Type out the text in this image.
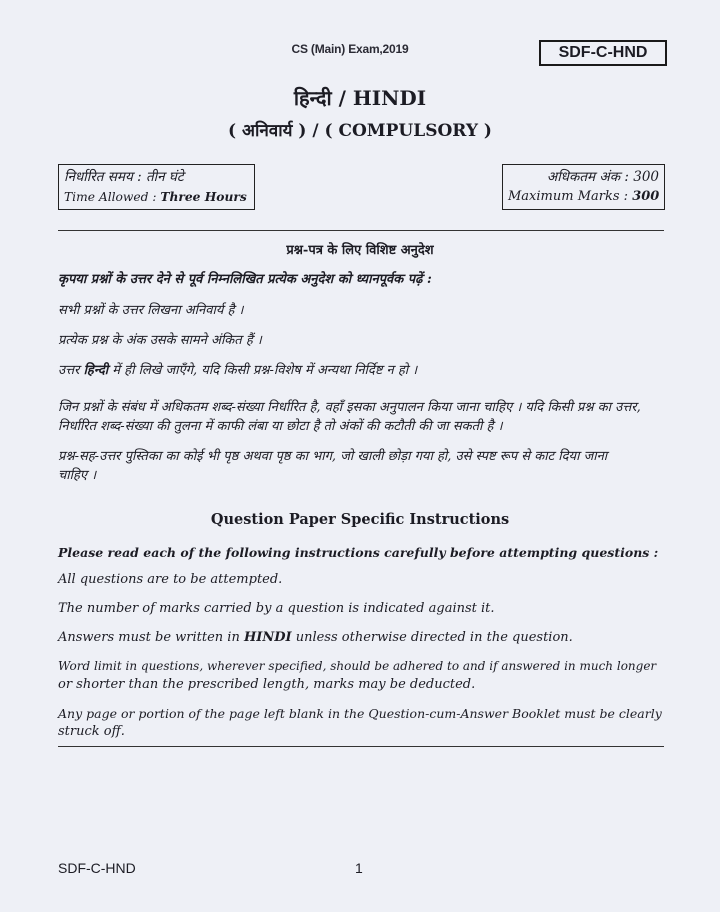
CS (Main) Exam,2019	SDF-C-HND
हिन्दी / HINDI
( अनिवार्य ) / ( COMPULSORY )
निर्धारित समय : तीन घंटे
Time Allowed : Three Hours
अधिकतम अंक : 300
Maximum Marks : 300
प्रश्न-पत्र के लिए विशिष्ट अनुदेश
कृपया प्रश्नों के उत्तर देने से पूर्व निम्नलिखित प्रत्येक अनुदेश को ध्यानपूर्वक पढ़ें :
सभी प्रश्नों के उत्तर लिखना अनिवार्य है ।
प्रत्येक प्रश्न के अंक उसके सामने अंकित हैं ।
उत्तर हिन्दी में ही लिखे जाएँगे, यदि किसी प्रश्न-विशेष में अन्यथा निर्दिष्ट न हो ।
जिन प्रश्नों के संबंध में अधिकतम शब्द-संख्या निर्धारित है, वहाँ इसका अनुपालन किया जाना चाहिए । यदि किसी प्रश्न का उत्तर,
निर्धारित शब्द-संख्या की तुलना में काफी लंबा या छोटा है तो अंकों की कटौती की जा सकती है ।
प्रश्न-सह-उत्तर पुस्तिका का कोई भी पृष्ठ अथवा पृष्ठ का भाग, जो खाली छोड़ा गया हो, उसे स्पष्ट रूप से काट दिया जाना
चाहिए ।
Question Paper Specific Instructions
Please read each of the following instructions carefully before attempting questions :
All questions are to be attempted.
The number of marks carried by a question is indicated against it.
Answers must be written in HINDI unless otherwise directed in the question.
Word limit in questions, wherever specified, should be adhered to and if answered in much longer
or shorter than the prescribed length, marks may be deducted.
Any page or portion of the page left blank in the Question-cum-Answer Booklet must be clearly
struck off.
SDF-C-HND	1
